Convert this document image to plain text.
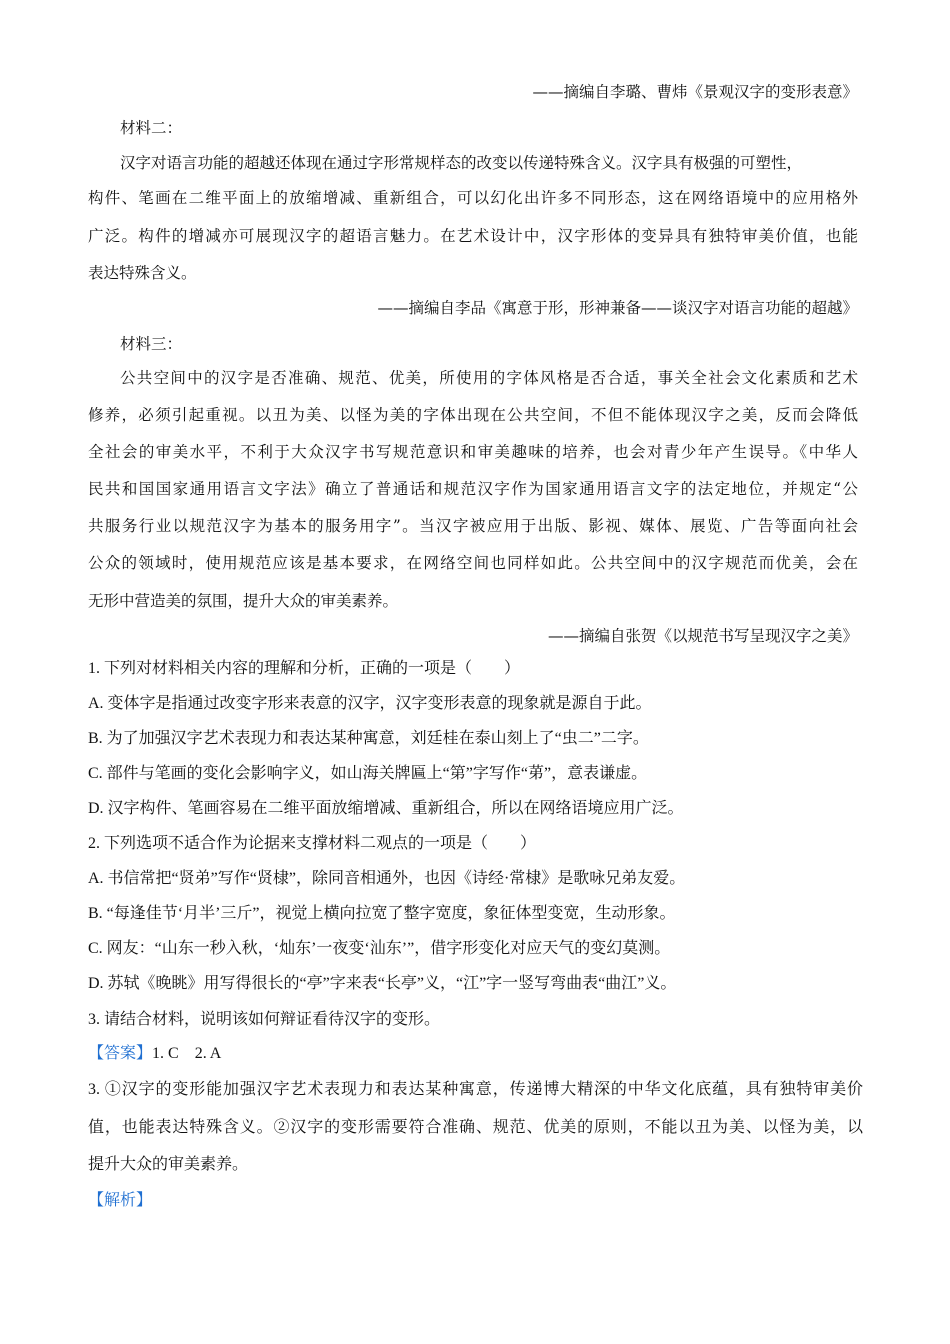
——摘编自李璐、曹炜《景观汉字的变形表意》
材料二：
汉字对语言功能的超越还体现在通过字形常规样态的改变以传递特殊含义。汉字具有极强的可塑性，
构件、笔画在二维平面上的放缩增减、重新组合，可以幻化出许多不同形态，这在网络语境中的应用格外
广泛。构件的增减亦可展现汉字的超语言魅力。在艺术设计中，汉字形体的变异具有独特审美价值，也能
表达特殊含义。
——摘编自李品《寓意于形，形神兼备——谈汉字对语言功能的超越》
材料三：
公共空间中的汉字是否准确、规范、优美，所使用的字体风格是否合适，事关全社会文化素质和艺术
修养，必须引起重视。以丑为美、以怪为美的字体出现在公共空间，不但不能体现汉字之美，反而会降低
全社会的审美水平，不利于大众汉字书写规范意识和审美趣味的培养，也会对青少年产生误导。《中华人
民共和国国家通用语言文字法》确立了普通话和规范汉字作为国家通用语言文字的法定地位，并规定“公
共服务行业以规范汉字为基本的服务用字”。当汉字被应用于出版、影视、媒体、展览、广告等面向社会
公众的领域时，使用规范应该是基本要求，在网络空间也同样如此。公共空间中的汉字规范而优美，会在
无形中营造美的氛围，提升大众的审美素养。
——摘编自张贺《以规范书写呈现汉字之美》
1. 下列对材料相关内容的理解和分析，正确的一项是（　　）
A. 变体字是指通过改变字形来表意的汉字，汉字变形表意的现象就是源自于此。
B. 为了加强汉字艺术表现力和表达某种寓意，刘廷桂在泰山刻上了“虫二”二字。
C. 部件与笔画的变化会影响字义，如山海关牌匾上“第”字写作“苐”，意表谦虚。
D. 汉字构件、笔画容易在二维平面放缩增减、重新组合，所以在网络语境应用广泛。
2. 下列选项不适合作为论据来支撑材料二观点的一项是（　　）
A. 书信常把“贤弟”写作“贤棣”，除同音相通外，也因《诗经·常棣》是歌咏兄弟友爱。
B. “每逢佳节‘月半’三斤”，视觉上横向拉宽了整字宽度，象征体型变宽，生动形象。
C. 网友：“山东一秒入秋，‘灿东’一夜变‘汕东’”，借字形变化对应天气的变幻莫测。
D. 苏轼《晚眺》用写得很长的“亭”字来表“长亭”义，“江”字一竖写弯曲表“曲江”义。
3. 请结合材料，说明该如何辩证看待汉字的变形。
【答案】1. C　2. A
3. ①汉字的变形能加强汉字艺术表现力和表达某种寓意，传递博大精深的中华文化底蕴，具有独特审美价
值，也能表达特殊含义。②汉字的变形需要符合准确、规范、优美的原则，不能以丑为美、以怪为美，以
提升大众的审美素养。
【解析】
